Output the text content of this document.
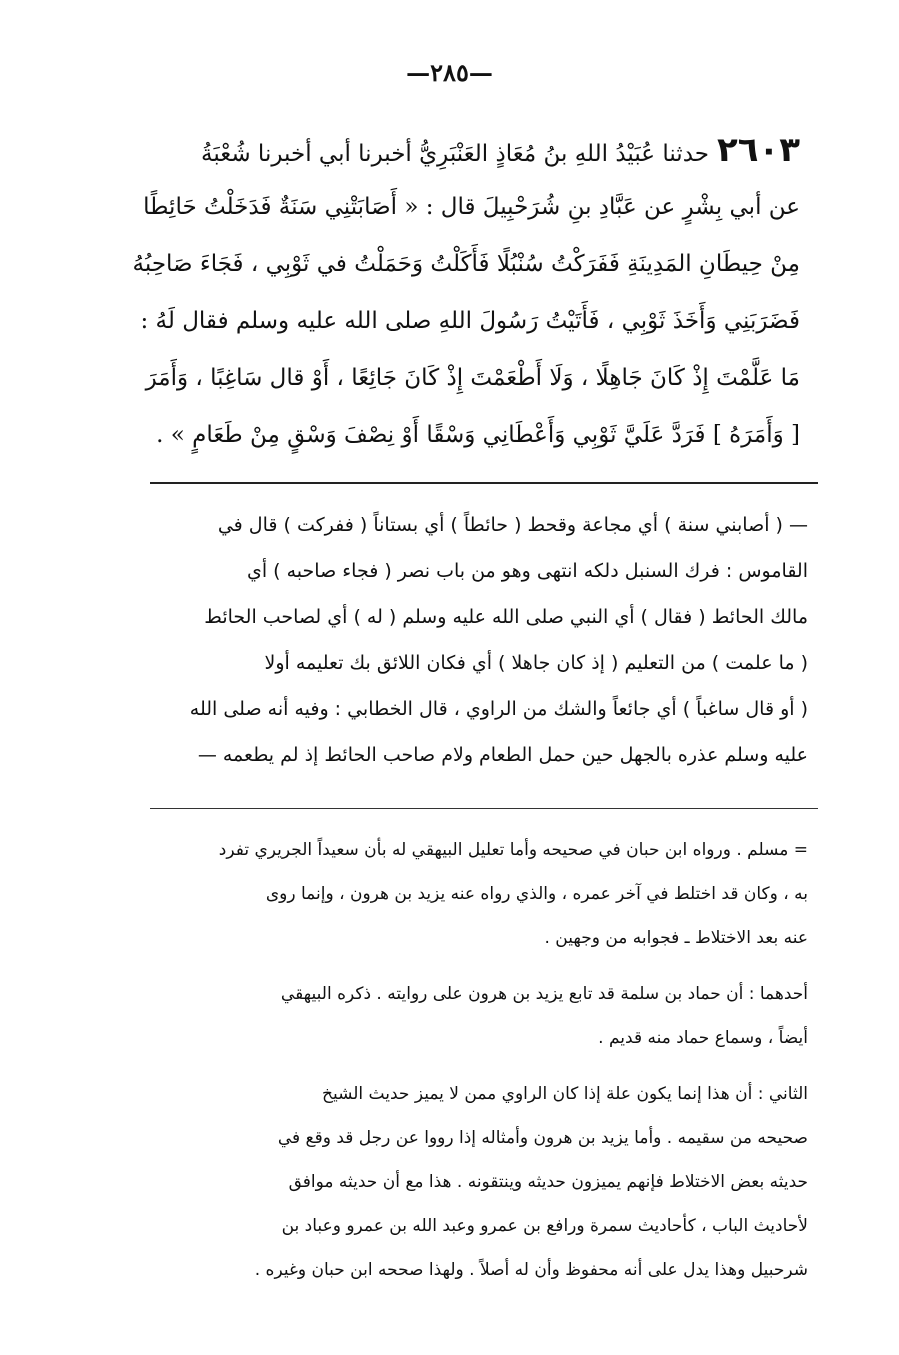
—٢٨٥—
٢٦٠٣حدثنا عُبَيْدُ اللهِ بنُ مُعَاذٍ العَنْبَرِيُّ أخبرنا أبي أخبرنا شُعْبَةُ
عن أبي بِشْرٍ عن عَبَّادِ بنِ شُرَحْبِيلَ قال : « أَصَابَتْنِي سَنَةٌ فَدَخَلْتُ حَائِطًا
مِنْ حِيطَانِ المَدِينَةِ فَفَرَكْتُ سُنْبُلًا فَأَكَلْتُ وَحَمَلْتُ في ثَوْبِي ، فَجَاءَ صَاحِبُهُ
فَضَرَبَنِي وَأَخَذَ ثَوْبِي ، فَأَتَيْتُ رَسُولَ اللهِ صلى الله عليه وسلم فقال لَهُ :
مَا عَلَّمْتَ إِذْ كَانَ جَاهِلًا ، وَلَا أَطْعَمْتَ إِذْ كَانَ جَائِعًا ، أَوْ قال سَاغِبًا ، وَأَمَرَ
[ وَأَمَرَهُ ] فَرَدَّ عَلَيَّ ثَوْبِي وَأَعْطَانِي وَسْقًا أَوْ نِصْفَ وَسْقٍ مِنْ طَعَامٍ » .
— ( أصابني سنة ) أي مجاعة وقحط ( حائطاً ) أي بستاناً ( ففركت ) قال في
القاموس : فرك السنبل دلكه انتهى وهو من باب نصر ( فجاء صاحبه ) أي
مالك الحائط ( فقال ) أي النبي صلى الله عليه وسلم ( له ) أي لصاحب الحائط
( ما علمت ) من التعليم ( إذ كان جاهلا ) أي فكان اللائق بك تعليمه أولا
( أو قال ساغباً ) أي جائعاً والشك من الراوي ، قال الخطابي : وفيه أنه صلى الله
عليه وسلم عذره بالجهل حين حمل الطعام ولام صاحب الحائط إذ لم يطعمه —
= مسلم . ورواه ابن حبان في صحيحه وأما تعليل البيهقي له بأن سعيداً الجريري تفرد
به ، وكان قد اختلط في آخر عمره ، والذي رواه عنه يزيد بن هرون ، وإنما روى
عنه بعد الاختلاط ـ فجوابه من وجهين .
أحدهما : أن حماد بن سلمة قد تابع يزيد بن هرون على روايته . ذكره البيهقي
أيضاً ، وسماع حماد منه قديم .
الثاني : أن هذا إنما يكون علة إذا كان الراوي ممن لا يميز حديث الشيخ
صحيحه من سقيمه . وأما يزيد بن هرون وأمثاله إذا رووا عن رجل قد وقع في
حديثه بعض الاختلاط فإنهم يميزون حديثه وينتقونه . هذا مع أن حديثه موافق
لأحاديث الباب ، كأحاديث سمرة ورافع بن عمرو وعبد الله بن عمرو وعباد بن
شرحبيل وهذا يدل على أنه محفوظ وأن له أصلاً . ولهذا صححه ابن حبان وغيره .
